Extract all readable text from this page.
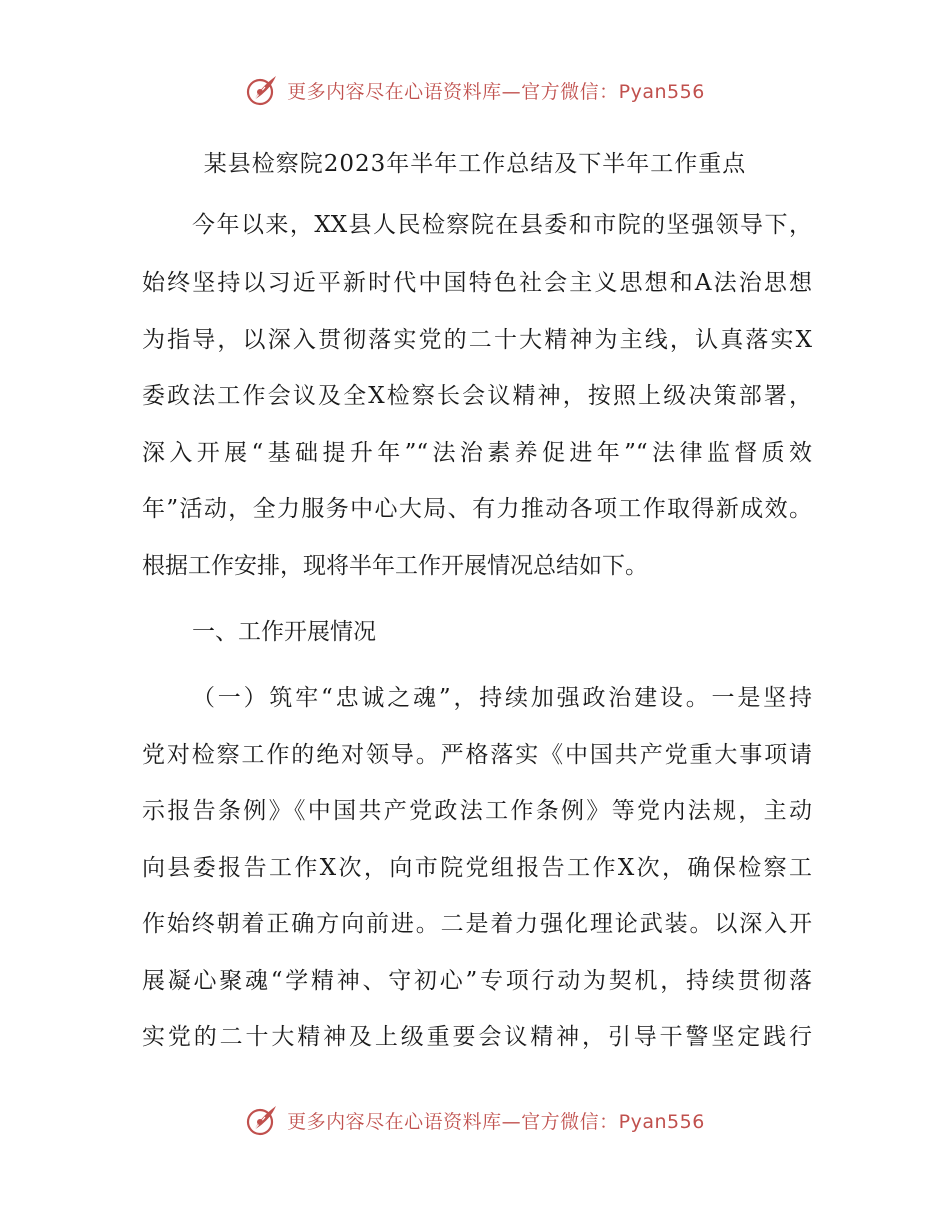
更多内容尽在心语资料库—官方微信：Pyan556
某县检察院2023年半年工作总结及下半年工作重点

今年以来，XX县人民检察院在县委和市院的坚强领导下，

始终坚持以习近平新时代中国特色社会主义思想和A法治思想

为指导，以深入贯彻落实党的二十大精神为主线，认真落实X

委政法工作会议及全X检察长会议精神，按照上级决策部署，

深入开展“基础提升年”“法治素养促进年”“法律监督质效

年”活动，全力服务中心大局、有力推动各项工作取得新成效。

根据工作安排，现将半年工作开展情况总结如下。

一、工作开展情况

（一）筑牢“忠诚之魂”，持续加强政治建设。一是坚持

党对检察工作的绝对领导。严格落实《中国共产党重大事项请

示报告条例》《中国共产党政法工作条例》等党内法规，主动

向县委报告工作X次，向市院党组报告工作X次，确保检察工

作始终朝着正确方向前进。二是着力强化理论武装。以深入开

展凝心聚魂“学精神、守初心”专项行动为契机，持续贯彻落

实党的二十大精神及上级重要会议精神，引导干警坚定践行

更多内容尽在心语资料库—官方微信：Pyan556
